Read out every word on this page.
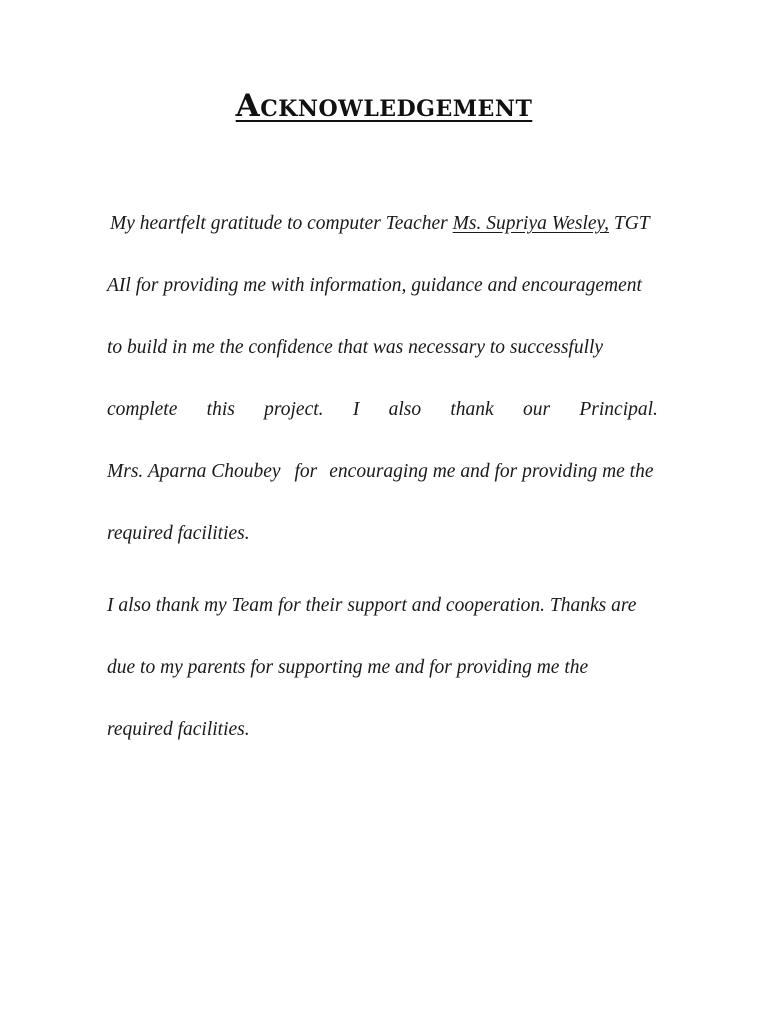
Acknowledgement
My heartfelt gratitude to computer Teacher Ms. Supriya Wesley, TGT
AIl for providing me with information, guidance and encouragement
to build in me the confidence that was necessary to successfully
complete this project. I also thank our Principal.
Mrs. Aparna Choubey for encouraging me and for providing me the
required facilities.
I also thank my Team for their support and cooperation. Thanks are
due to my parents for supporting me and for providing me the
required facilities.
